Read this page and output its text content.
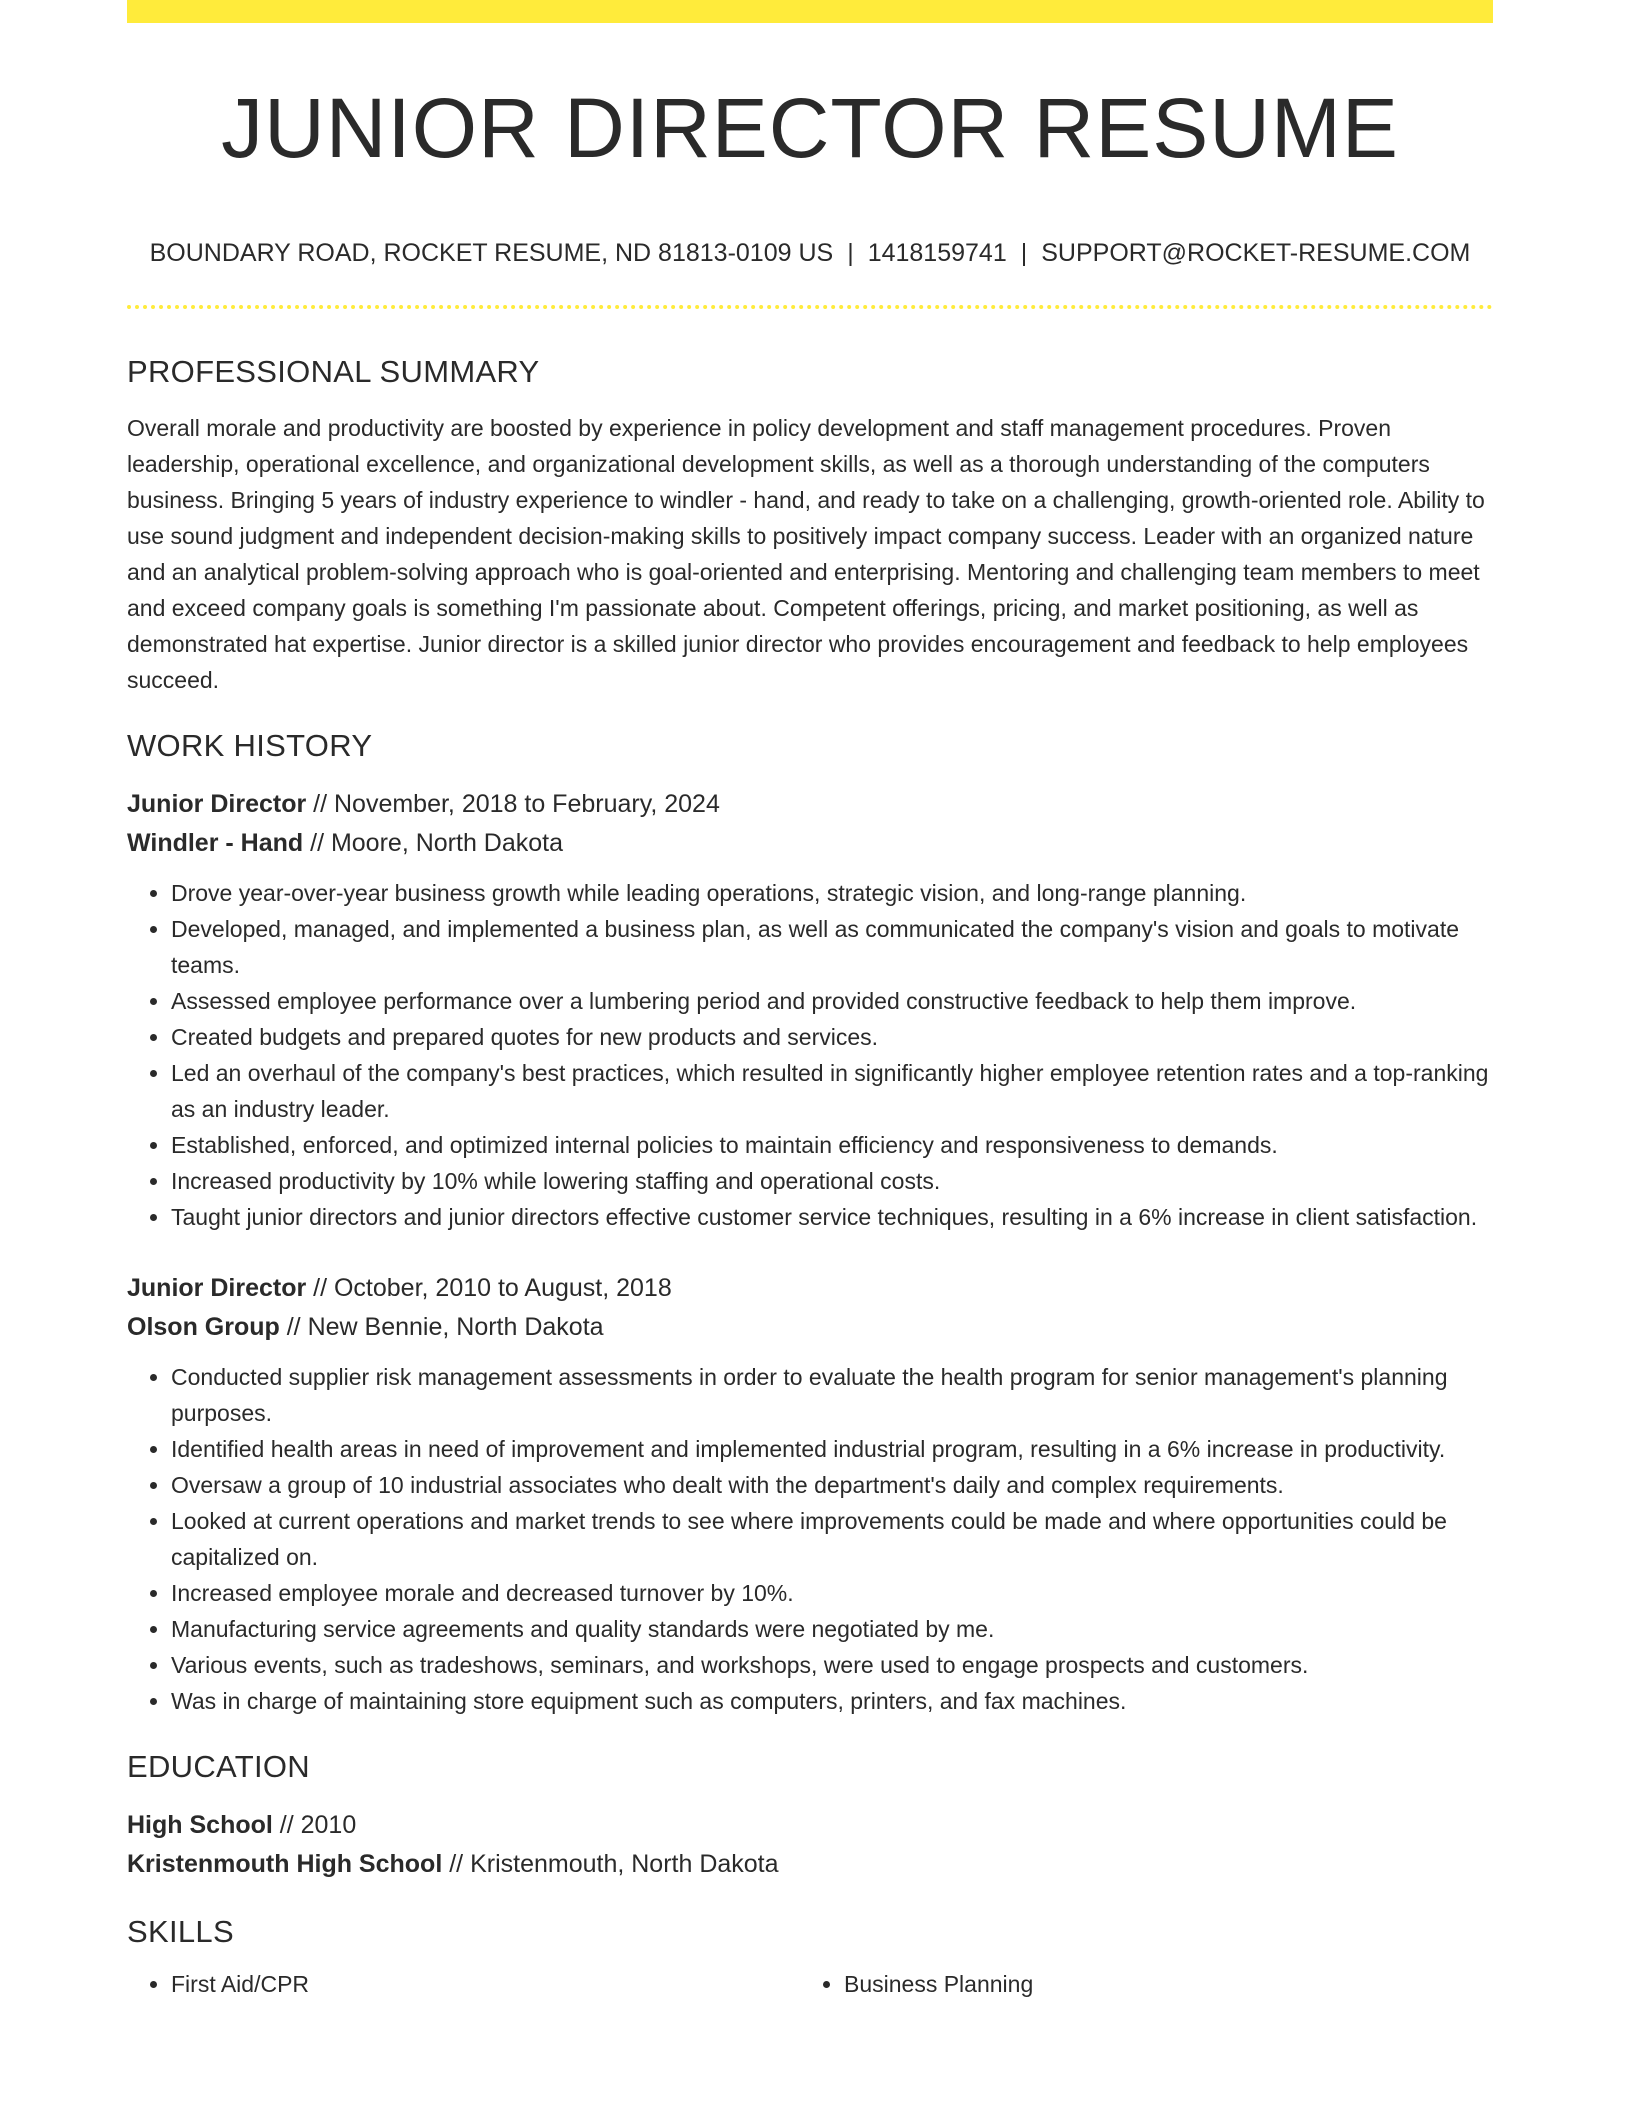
JUNIOR DIRECTOR RESUME
BOUNDARY ROAD, ROCKET RESUME, ND 81813-0109 US | 1418159741 | SUPPORT@ROCKET-RESUME.COM
PROFESSIONAL SUMMARY

Overall morale and productivity are boosted by experience in policy development and staff management procedures. Proven leadership, operational excellence, and organizational development skills, as well as a thorough understanding of the computers business. Bringing 5 years of industry experience to windler - hand, and ready to take on a challenging, growth-oriented role. Ability to use sound judgment and independent decision-making skills to positively impact company success. Leader with an organized nature and an analytical problem-solving approach who is goal-oriented and enterprising. Mentoring and challenging team members to meet and exceed company goals is something I'm passionate about. Competent offerings, pricing, and market positioning, as well as demonstrated hat expertise. Junior director is a skilled junior director who provides encouragement and feedback to help employees succeed.

WORK HISTORY
Junior Director // November, 2018 to February, 2024
Windler - Hand // Moore, North Dakota
• Drove year-over-year business growth while leading operations, strategic vision, and long-range planning.
• Developed, managed, and implemented a business plan, as well as communicated the company's vision and goals to motivate teams.
• Assessed employee performance over a lumbering period and provided constructive feedback to help them improve.
• Created budgets and prepared quotes for new products and services.
• Led an overhaul of the company's best practices, which resulted in significantly higher employee retention rates and a top-ranking as an industry leader.
• Established, enforced, and optimized internal policies to maintain efficiency and responsiveness to demands.
• Increased productivity by 10% while lowering staffing and operational costs.
• Taught junior directors and junior directors effective customer service techniques, resulting in a 6% increase in client satisfaction.
Junior Director // October, 2010 to August, 2018
Olson Group // New Bennie, North Dakota
• Conducted supplier risk management assessments in order to evaluate the health program for senior management's planning purposes.
• Identified health areas in need of improvement and implemented industrial program, resulting in a 6% increase in productivity.
• Oversaw a group of 10 industrial associates who dealt with the department's daily and complex requirements.
• Looked at current operations and market trends to see where improvements could be made and where opportunities could be capitalized on.
• Increased employee morale and decreased turnover by 10%.
• Manufacturing service agreements and quality standards were negotiated by me.
• Various events, such as tradeshows, seminars, and workshops, were used to engage prospects and customers.
• Was in charge of maintaining store equipment such as computers, printers, and fax machines.
EDUCATION
High School // 2010
Kristenmouth High School // Kristenmouth, North Dakota
SKILLS
• First Aid/CPR
•	Business Planning
